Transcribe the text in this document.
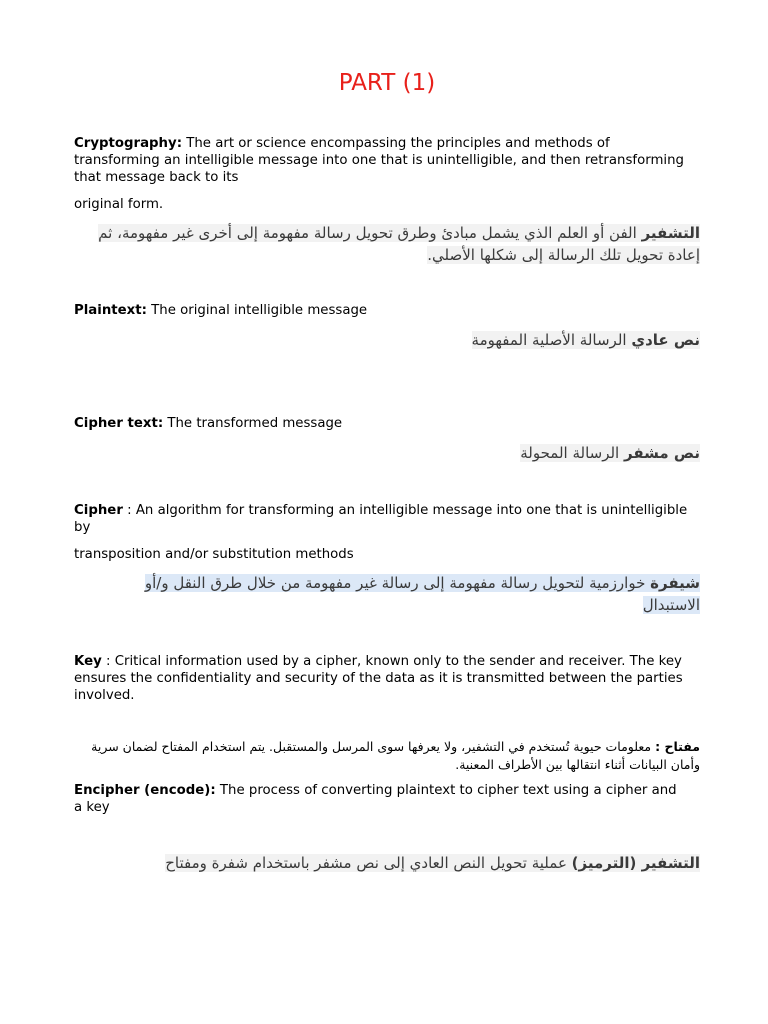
PART (1)
Cryptography: The art or science encompassing the principles and methods of transforming an intelligible message into one that is unintelligible, and then retransforming that message back to its
original form.
التشفير الفن أو العلم الذي يشمل مبادئ وطرق تحويل رسالة مفهومة إلى أخرى غير مفهومة، ثم إعادة تحويل تلك الرسالة إلى شكلها الأصلي.
Plaintext: The original intelligible message
نص عادي الرسالة الأصلية المفهومة
Cipher text: The transformed message
نص مشفر الرسالة المحولة
Cipher : An algorithm for transforming an intelligible message into one that is unintelligible by
transposition and/or substitution methods
شيفرة خوارزمية لتحويل رسالة مفهومة إلى رسالة غير مفهومة من خلال طرق النقل و/أو الاستبدال
Key : Critical information used by a cipher, known only to the sender and receiver. The key ensures the confidentiality and security of the data as it is transmitted between the parties involved.
مفتاح : معلومات حيوية تُستخدم في التشفير، ولا يعرفها سوى المرسل والمستقبل. يتم استخدام المفتاح لضمان سرية وأمان البيانات أثناء انتقالها بين الأطراف المعنية.
Encipher (encode): The process of converting plaintext to cipher text using a cipher and a key
التشفير (الترميز) عملية تحويل النص العادي إلى نص مشفر باستخدام شفرة ومفتاح
